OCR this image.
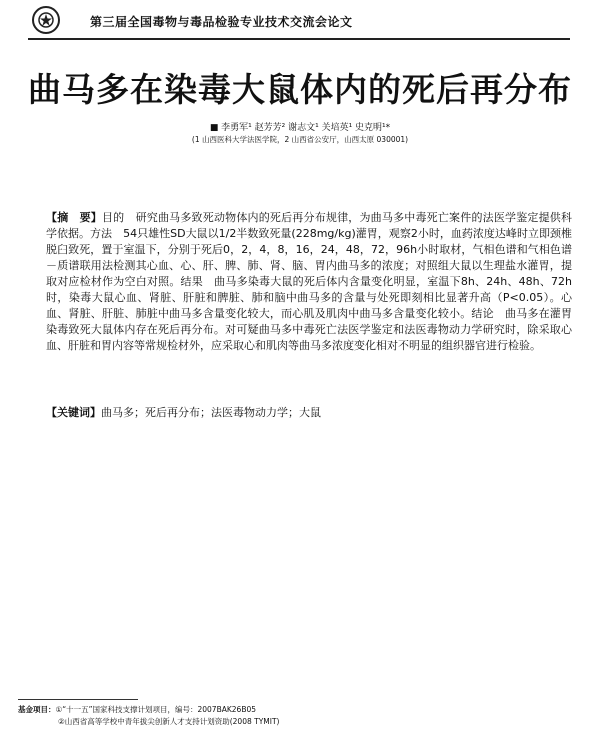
第三届全国毒物与毒品检验专业技术交流会论文
曲马多在染毒大鼠体内的死后再分布
■ 李勇军¹ 赵芳芳² 谢志文¹ 关培英¹ 史克明¹*
(1 山西医科大学法医学院，2 山西省公安厅，山西太原 030001)
【摘　要】目的　研究曲马多致死动物体内的死后再分布规律，为曲马多中毒死亡案件的法医学鉴定提供科学依据。方法　54只雄性SD大鼠以1/2半数致死量(228mg/kg)灌胃，观察2小时，血药浓度达峰时立即颈椎脱臼致死，置于室温下，分别于死后0，2，4，8，16，24，48，72，96h小时取材，气相色谱和气相色谱－质谱联用法检测其心血、心、肝、脾、肺、肾、脑、胃内曲马多的浓度；对照组大鼠以生理盐水灌胃，提取对应检材作为空白对照。结果　曲马多染毒大鼠的死后体内含量变化明显，室温下8h、24h、48h、72h时，染毒大鼠心血、肾脏、肝脏和脾脏、肺和脑中曲马多的含量与处死即刻相比显著升高（P<0.05）。心血、肾脏、肝脏、肺脏中曲马多含量变化较大，而心肌及肌肉中曲马多含量变化较小。结论　曲马多在灌胃染毒致死大鼠体内存在死后再分布。对可疑曲马多中毒死亡法医学鉴定和法医毒物动力学研究时，除采取心血、肝脏和胃内容等常规检材外，应采取心和肌肉等曲马多浓度变化相对不明显的组织器官进行检验。
【关键词】曲马多；死后再分布；法医毒物动力学；大鼠
基金项目：①“十一五”国家科技支撑计划项目，编号：2007BAK26B05
②山西省高等学校中青年拔尖创新人才支持计划资助(2008 TYMIT)
